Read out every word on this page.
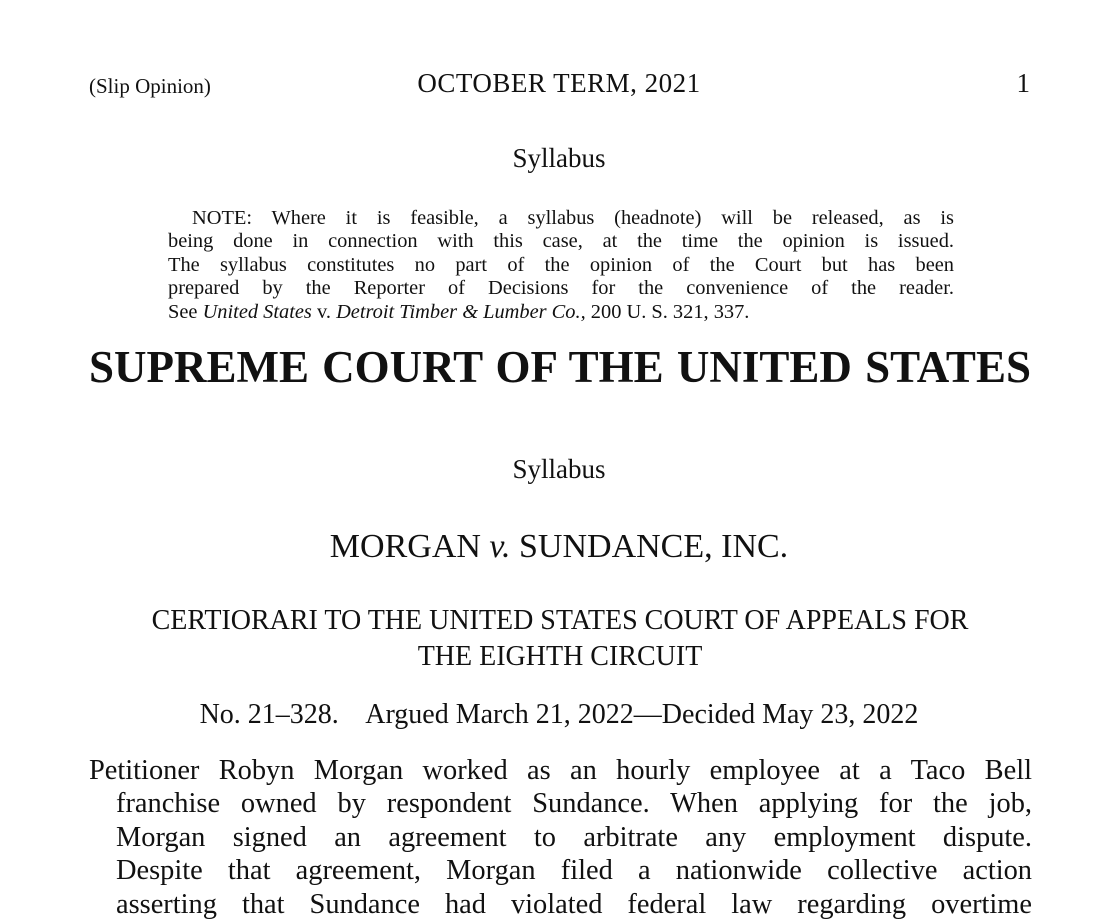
(Slip Opinion)	OCTOBER TERM, 2021	1
Syllabus
NOTE: Where it is feasible, a syllabus (headnote) will be released, as is
being done in connection with this case, at the time the opinion is issued.
The syllabus constitutes no part of the opinion of the Court but has been
prepared by the Reporter of Decisions for the convenience of the reader.
See United States v. Detroit Timber & Lumber Co., 200 U. S. 321, 337.
SUPREME COURT OF THE UNITED STATES
Syllabus
MORGAN v. SUNDANCE, INC.
CERTIORARI TO THE UNITED STATES COURT OF APPEALS FOR
THE EIGHTH CIRCUIT
No. 21–328.    Argued March 21, 2022—Decided May 23, 2022
Petitioner Robyn Morgan worked as an hourly employee at a Taco Bell
franchise owned by respondent Sundance. When applying for the job,
Morgan signed an agreement to arbitrate any employment dispute.
Despite that agreement, Morgan filed a nationwide collective action
asserting that Sundance had violated federal law regarding overtime
